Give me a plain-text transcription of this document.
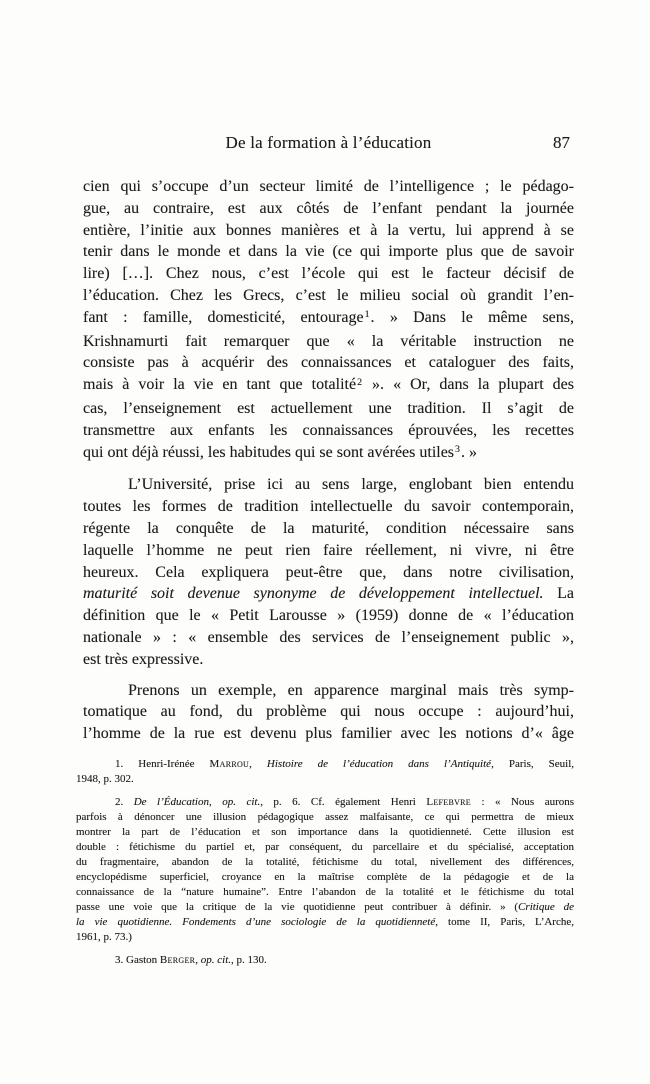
De la formation à l’éducation	87
cien qui s’occupe d’un secteur limité de l’intelligence ; le pédago-
gue, au contraire, est aux côtés de l’enfant pendant la journée
entière, l’initie aux bonnes manières et à la vertu, lui apprend à se
tenir dans le monde et dans la vie (ce qui importe plus que de savoir
lire) […]. Chez nous, c’est l’école qui est le facteur décisif de
l’éducation. Chez les Grecs, c’est le milieu social où grandit l’en-
fant : famille, domesticité, entourage$^1$. » Dans le même sens,
Krishnamurti fait remarquer que « la véritable instruction ne
consiste pas à acquérir des connaissances et cataloguer des faits,
mais à voir la vie en tant que totalité$^2$ ». « Or, dans la plupart des
cas, l’enseignement est actuellement une tradition. Il s’agit de
transmettre aux enfants les connaissances éprouvées, les recettes
qui ont déjà réussi, les habitudes qui se sont avérées utiles$^3$. »
L’Université, prise ici au sens large, englobant bien entendu
toutes les formes de tradition intellectuelle du savoir contemporain,
régente la conquête de la maturité, condition nécessaire sans
laquelle l’homme ne peut rien faire réellement, ni vivre, ni être
heureux. Cela expliquera peut-être que, dans notre civilisation,
maturité soit devenue synonyme de développement intellectuel. La
définition que le « Petit Larousse » (1959) donne de « l’éducation
nationale » : « ensemble des services de l’enseignement public »,
est très expressive.
Prenons un exemple, en apparence marginal mais très symp-
tomatique au fond, du problème qui nous occupe : aujourd’hui,
l’homme de la rue est devenu plus familier avec les notions d’« âge
1. Henri-Irénée Marrou, Histoire de l’éducation dans l’Antiquité, Paris, Seuil,
1948, p. 302.
2. De l’Éducation, op. cit., p. 6. Cf. également Henri Lefebvre : « Nous aurons
parfois à dénoncer une illusion pédagogique assez malfaisante, ce qui permettra de mieux
montrer la part de l’éducation et son importance dans la quotidienneté. Cette illusion est
double : fétichisme du partiel et, par conséquent, du parcellaire et du spécialisé, acceptation
du fragmentaire, abandon de la totalité, fétichisme du total, nivellement des différences,
encyclopédisme superficiel, croyance en la maîtrise complète de la pédagogie et de la
connaissance de la “nature humaine”. Entre l’abandon de la totalité et le fétichisme du total
passe une voie que la critique de la vie quotidienne peut contribuer à définir. » (Critique de
la vie quotidienne. Fondements d’une sociologie de la quotidienneté, tome II, Paris, L’Arche,
1961, p. 73.)
3. Gaston Berger, op. cit., p. 130.
